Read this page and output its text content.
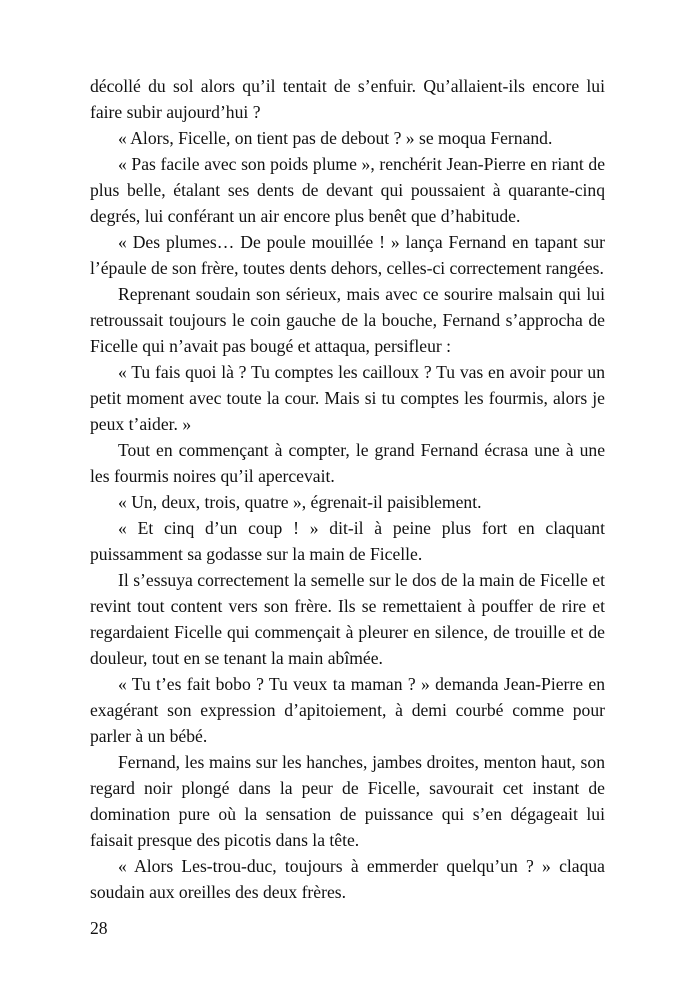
décollé du sol alors qu’il tentait de s’enfuir. Qu’allaient-ils encore lui faire subir aujourd’hui ?

« Alors, Ficelle, on tient pas de debout ? » se moqua Fernand.

« Pas facile avec son poids plume », renchérit Jean-Pierre en riant de plus belle, étalant ses dents de devant qui poussaient à quarante-cinq degrés, lui conférant un air encore plus benêt que d’habitude.

« Des plumes… De poule mouillée ! » lança Fernand en tapant sur l’épaule de son frère, toutes dents dehors, celles-ci correctement rangées.

Reprenant soudain son sérieux, mais avec ce sourire malsain qui lui retroussait toujours le coin gauche de la bouche, Fernand s’approcha de Ficelle qui n’avait pas bougé et attaqua, persifleur :

« Tu fais quoi là ? Tu comptes les cailloux ? Tu vas en avoir pour un petit moment avec toute la cour. Mais si tu comptes les fourmis, alors je peux t’aider. »

Tout en commençant à compter, le grand Fernand écrasa une à une les fourmis noires qu’il apercevait.

« Un, deux, trois, quatre », égrenait-il paisiblement.

« Et cinq d’un coup ! » dit-il à peine plus fort en claquant puissamment sa godasse sur la main de Ficelle.

Il s’essuya correctement la semelle sur le dos de la main de Ficelle et revint tout content vers son frère. Ils se remettaient à pouffer de rire et regardaient Ficelle qui commençait à pleurer en silence, de trouille et de douleur, tout en se tenant la main abîmée.

« Tu t’es fait bobo ? Tu veux ta maman ? » demanda Jean-Pierre en exagérant son expression d’apitoiement, à demi courbé comme pour parler à un bébé.

Fernand, les mains sur les hanches, jambes droites, menton haut, son regard noir plongé dans la peur de Ficelle, savourait cet instant de domination pure où la sensation de puissance qui s’en dégageait lui faisait presque des picotis dans la tête.

« Alors Les-trou-duc, toujours à emmerder quelqu’un ? » claqua soudain aux oreilles des deux frères.

28
